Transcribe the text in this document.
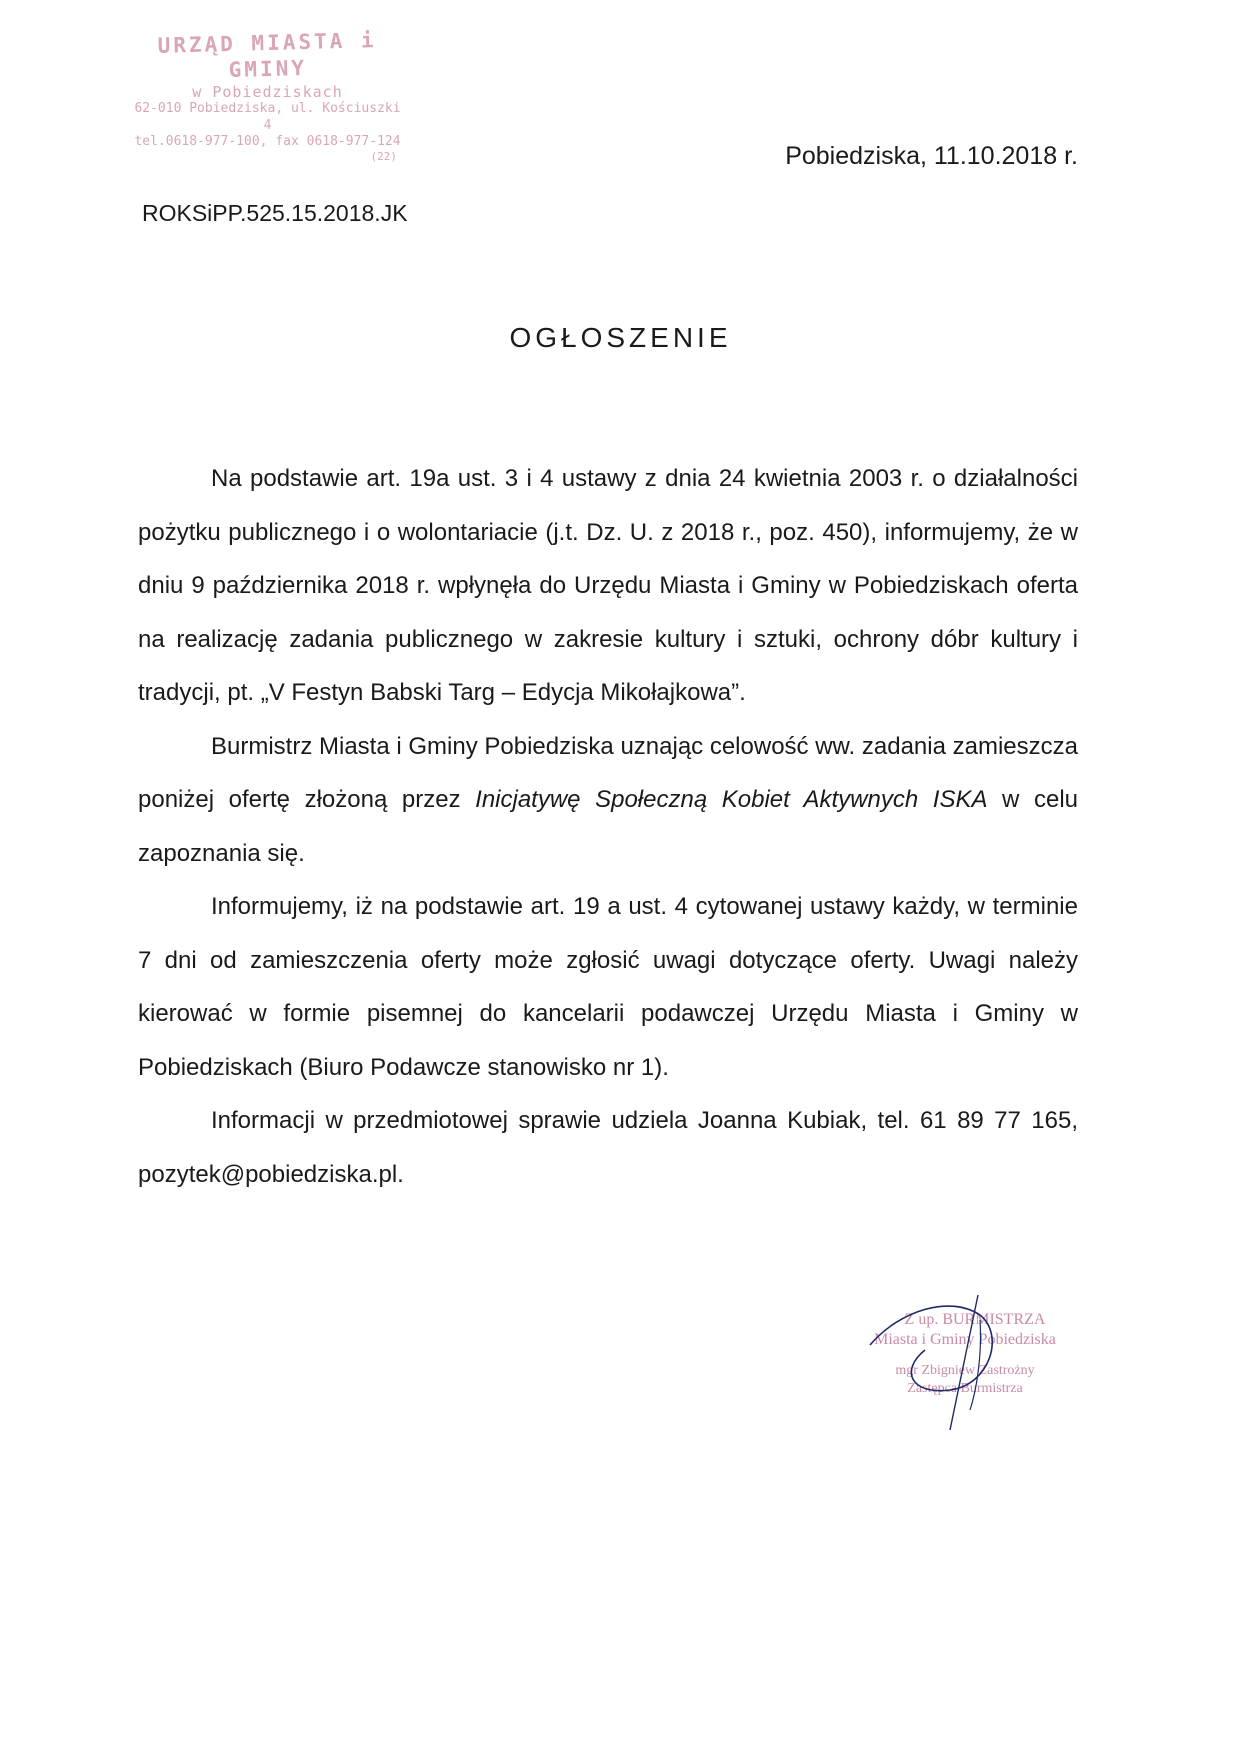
URZĄD MIASTA i GMINY
w Pobiedziskach
62-010 Pobiedziska, ul. Kościuszki 4
tel.0618-977-100, fax 0618-977-124
(22)	Pobiedziska, 11.10.2018 r.
ROKSiPP.525.15.2018.JK
OGŁOSZENIE

Na podstawie art. 19a ust. 3 i 4 ustawy z dnia 24 kwietnia 2003 r. o działalności pożytku publicznego i o wolontariacie (j.t. Dz. U. z 2018 r., poz. 450), informujemy, że w dniu 9 października 2018 r. wpłynęła do Urzędu Miasta i Gminy w Pobiedziskach oferta na realizację zadania publicznego w zakresie kultury i sztuki, ochrony dóbr kultury i tradycji, pt. „V Festyn Babski Targ – Edycja Mikołajkowa”.

Burmistrz Miasta i Gminy Pobiedziska uznając celowość ww. zadania zamieszcza poniżej ofertę złożoną przez Inicjatywę Społeczną Kobiet Aktywnych ISKA w celu zapoznania się.

Informujemy, iż na podstawie art. 19 a ust. 4 cytowanej ustawy każdy, w terminie 7 dni od zamieszczenia oferty może zgłosić uwagi dotyczące oferty. Uwagi należy kierować w formie pisemnej do kancelarii podawczej Urzędu Miasta i Gminy w Pobiedziskach (Biuro Podawcze stanowisko nr 1).

Informacji w przedmiotowej sprawie udziela Joanna Kubiak, tel. 61 89 77 165, pozytek@pobiedziska.pl.

Z up. BURMISTRZA
Miasta i Gminy Pobiedziska
mgr Zbigniew Zastrożny
Zastępca Burmistrza
